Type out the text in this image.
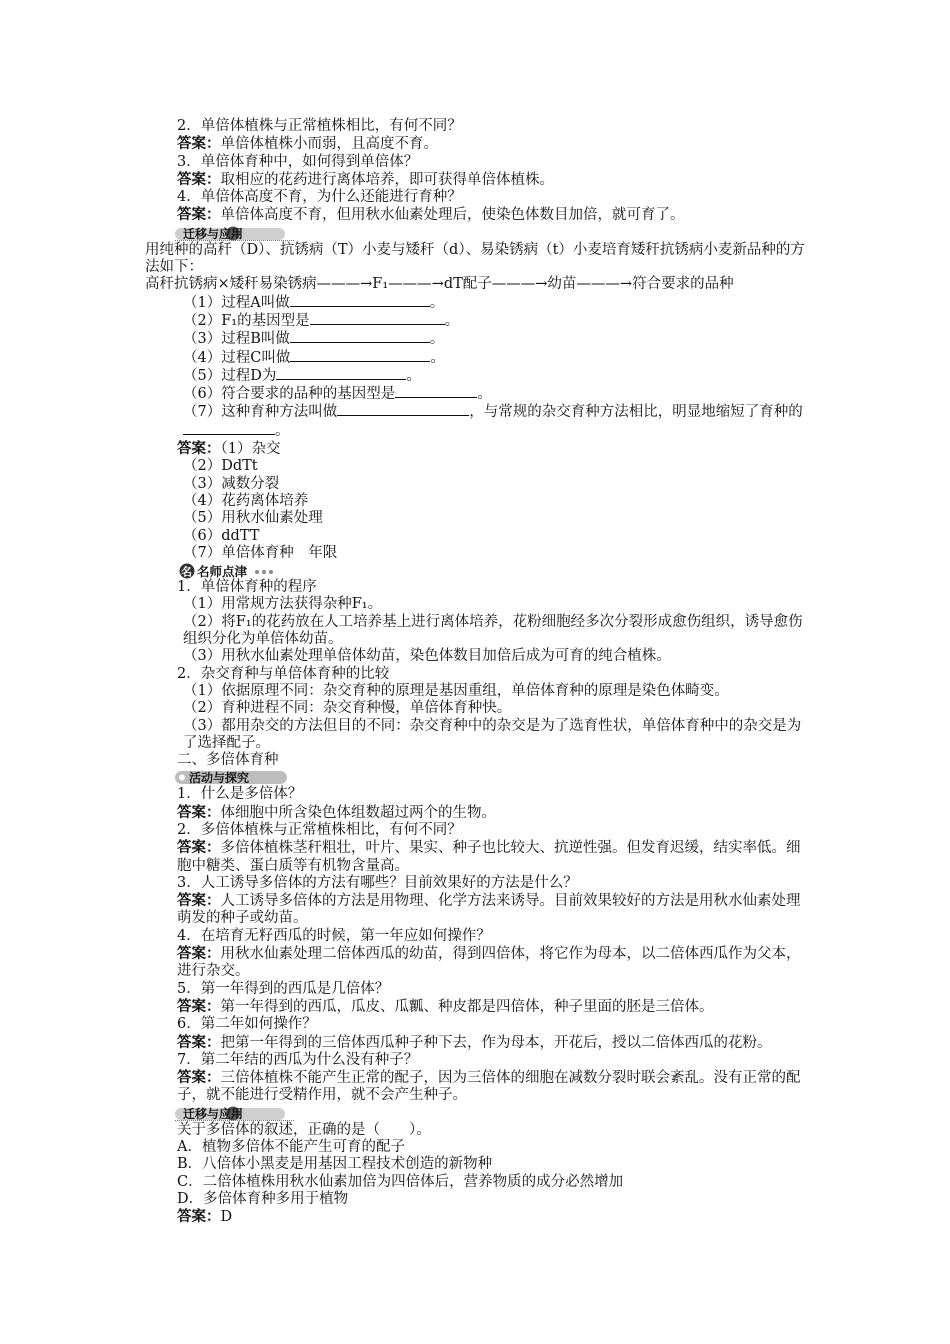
2．单倍体植株与正常植株相比，有何不同？
答案：单倍体植株小而弱，且高度不育。
3．单倍体育种中，如何得到单倍体？
答案：取相应的花药进行离体培养，即可获得单倍体植株。
4．单倍体高度不育，为什么还能进行育种？
答案：单倍体高度不育，但用秋水仙素处理后，使染色体数目加倍，就可育了。
迁移与应用
用纯种的高秆（D）、抗锈病（T）小麦与矮秆（d）、易染锈病（t）小麦培育矮秆抗锈病小麦新品种的方法如下：
高秆抗锈病×矮秆易染锈病———→F₁———→dT配子———→幼苗———→符合要求的品种
（1）过程A叫做	。
（2）F₁的基因型是	。
（3）过程B叫做	。
（4）过程C叫做	。
（5）过程D为	。
（6）符合要求的品种的基因型是	。
（7）这种育种方法叫做	，与常规的杂交育种方法相比，明显地缩短了育种的。
答案：（1）杂交
（2）DdTt
（3）减数分裂
（4）花药离体培养
（5）用秋水仙素处理
（6）ddTT
（7）单倍体育种　年限
名 名师点津
1．单倍体育种的程序
（1）用常规方法获得杂种F₁。
（2）将F₁的花药放在人工培养基上进行离体培养，花粉细胞经多次分裂形成愈伤组织，诱导愈伤组织分化为单倍体幼苗。
（3）用秋水仙素处理单倍体幼苗，染色体数目加倍后成为可育的纯合植株。
2．杂交育种与单倍体育种的比较
（1）依据原理不同：杂交育种的原理是基因重组，单倍体育种的原理是染色体畸变。
（2）育种进程不同：杂交育种慢，单倍体育种快。
（3）都用杂交的方法但目的不同：杂交育种中的杂交是为了选育性状，单倍体育种中的杂交是为了选择配子。
二、多倍体育种
活动与探究
1．什么是多倍体？
答案：体细胞中所含染色体组数超过两个的生物。
2．多倍体植株与正常植株相比，有何不同？
答案：多倍体植株茎秆粗壮，叶片、果实、种子也比较大、抗逆性强。但发育迟缓，结实率低。细胞中糖类、蛋白质等有机物含量高。
3．人工诱导多倍体的方法有哪些？目前效果好的方法是什么？
答案：人工诱导多倍体的方法是用物理、化学方法来诱导。目前效果较好的方法是用秋水仙素处理萌发的种子或幼苗。
4．在培育无籽西瓜的时候，第一年应如何操作？
答案：用秋水仙素处理二倍体西瓜的幼苗，得到四倍体，将它作为母本，以二倍体西瓜作为父本，进行杂交。
5．第一年得到的西瓜是几倍体？
答案：第一年得到的西瓜，瓜皮、瓜瓤、种皮都是四倍体，种子里面的胚是三倍体。
6．第二年如何操作？
答案：把第一年得到的三倍体西瓜种子种下去，作为母本，开花后，授以二倍体西瓜的花粉。
7．第二年结的西瓜为什么没有种子？
答案：三倍体植株不能产生正常的配子，因为三倍体的细胞在减数分裂时联会紊乱。没有正常的配子，就不能进行受精作用，就不会产生种子。
迁移与应用
关于多倍体的叙述，正确的是（　　）。
A．植物多倍体不能产生可育的配子
B．八倍体小黑麦是用基因工程技术创造的新物种
C．二倍体植株用秋水仙素加倍为四倍体后，营养物质的成分必然增加
D．多倍体育种多用于植物
答案：D
